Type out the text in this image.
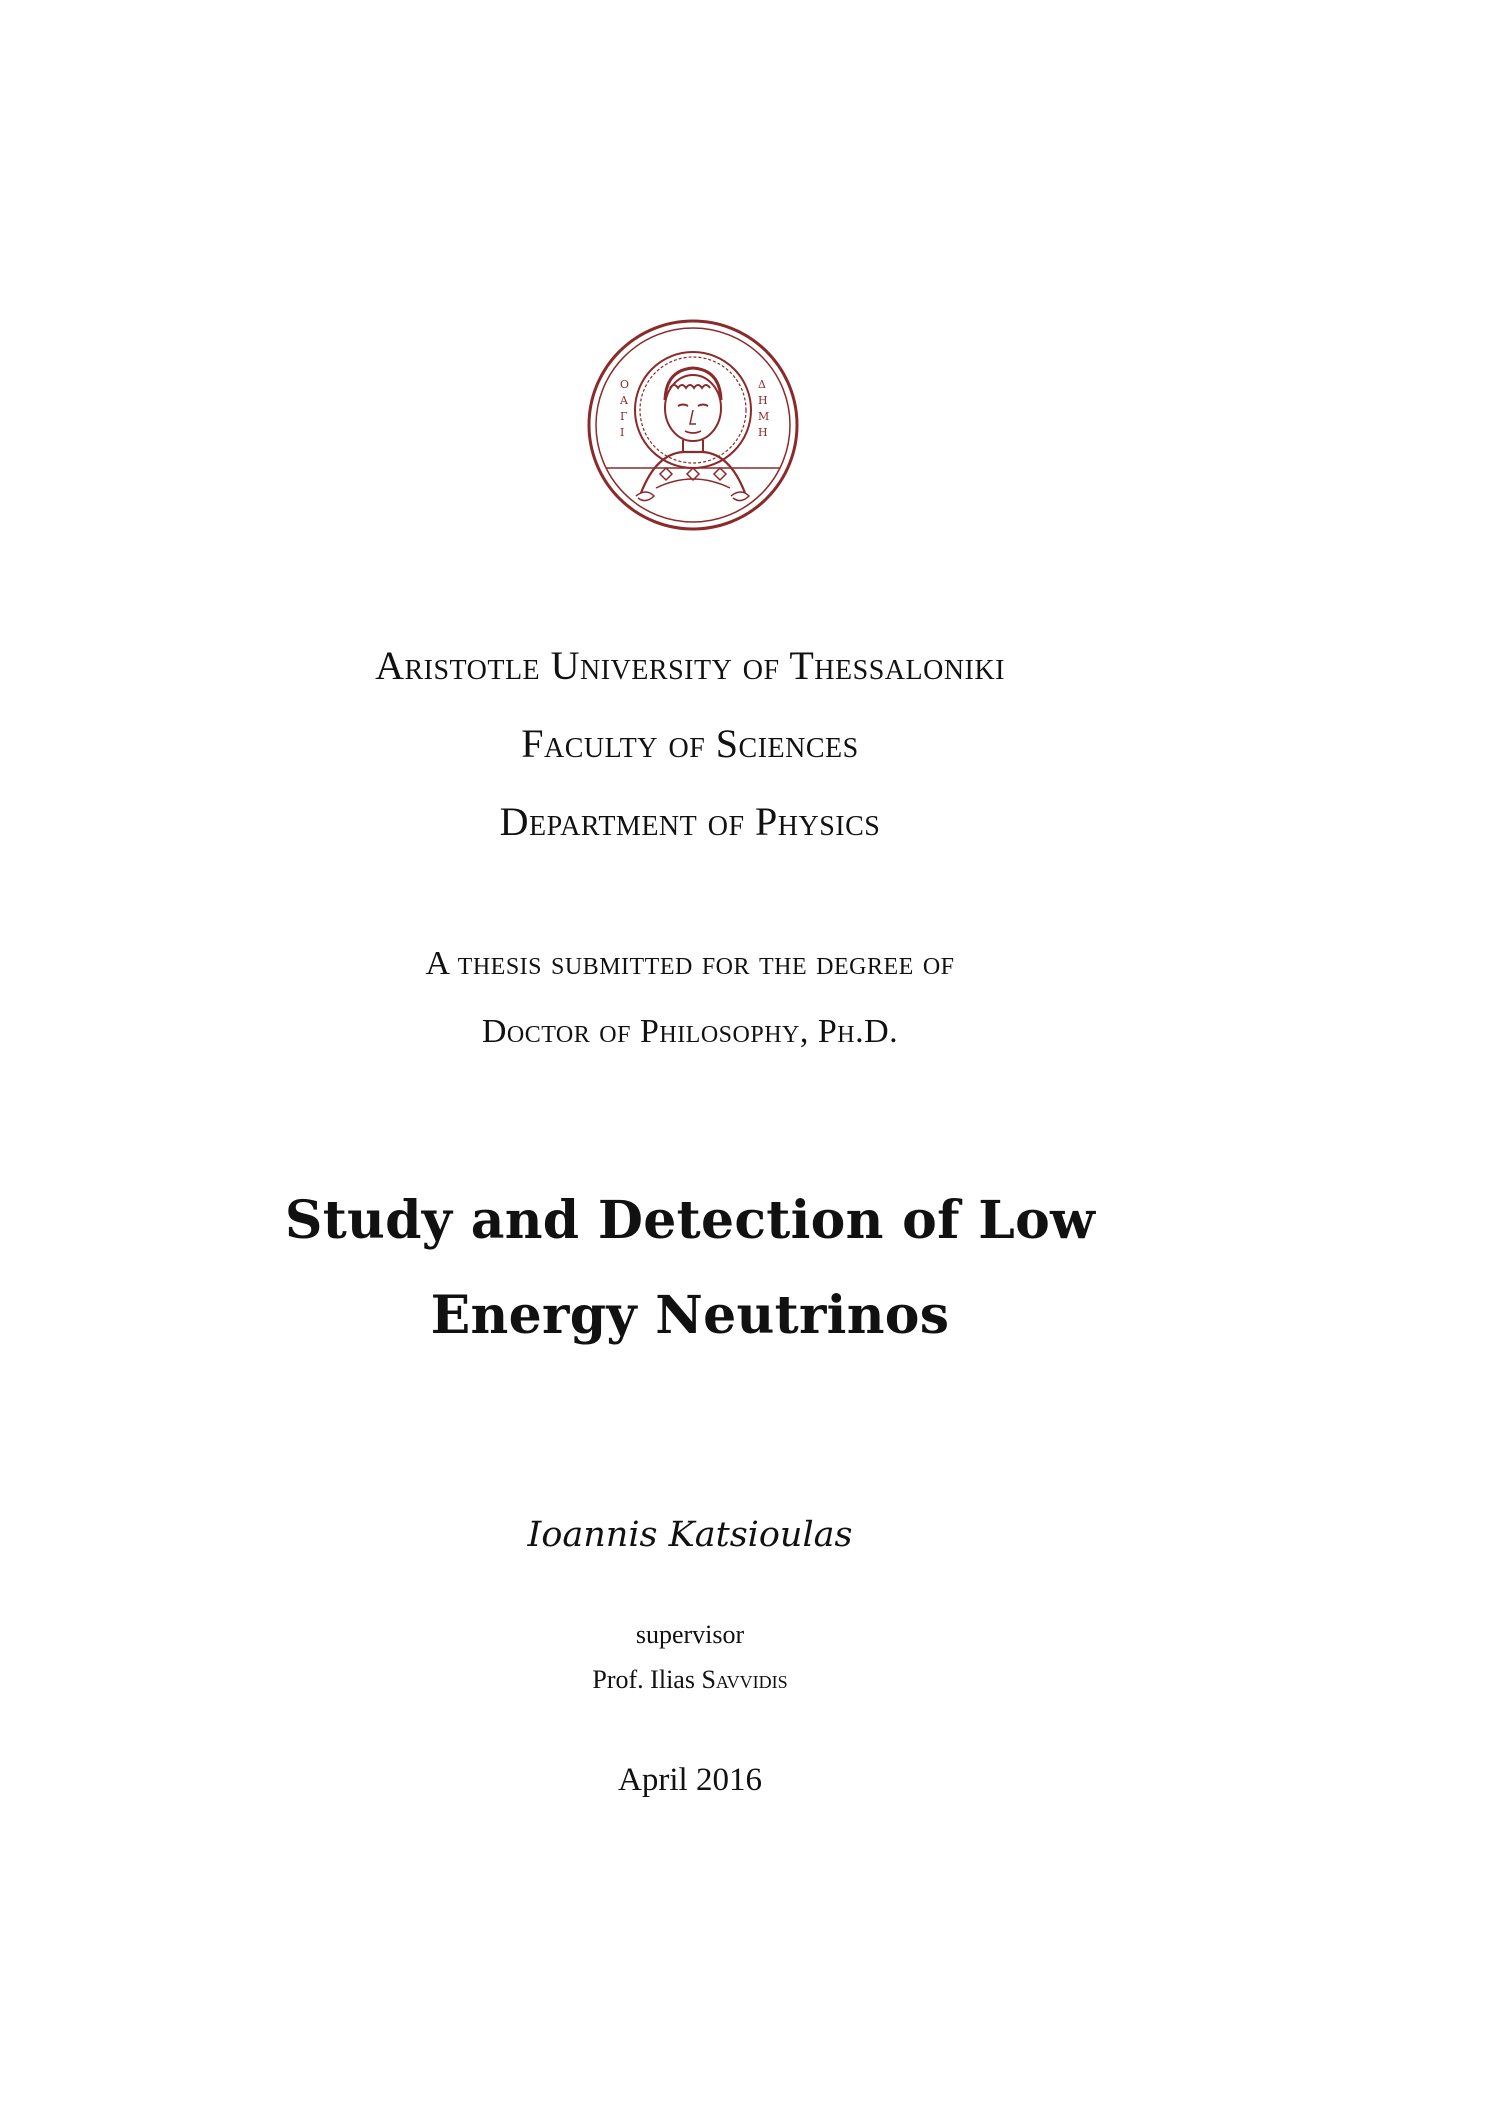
Ο
Α
Γ
Ι
Δ
Η
Μ
Η
Aristotle University of Thessaloniki
Faculty of Sciences
Department of Physics
A thesis submitted for the degree of
Doctor of Philosophy, Ph.D.
Study and Detection of Low
Energy Neutrinos
Ioannis Katsioulas
supervisor
Prof. Ilias Savvidis
April 2016
